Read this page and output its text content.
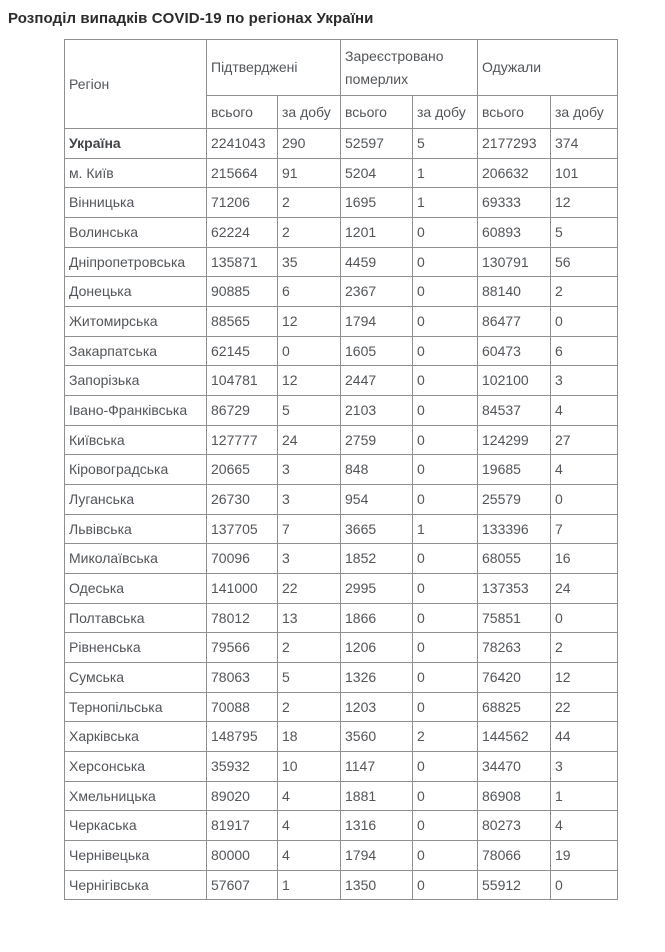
Розподіл випадків COVID-19 по регіонах України

Регіон	Підтверджені		Зареєстровано померлих		Одужали	
	всього	за добу	всього	за добу	всього	за добу
Україна	2241043	290	52597	5	2177293	374
м. Київ	215664	91	5204	1	206632	101
Вінницька	71206	2	1695	1	69333	12
Волинська	62224	2	1201	0	60893	5
Дніпропетровська	135871	35	4459	0	130791	56
Донецька	90885	6	2367	0	88140	2
Житомирська	88565	12	1794	0	86477	0
Закарпатська	62145	0	1605	0	60473	6
Запорізька	104781	12	2447	0	102100	3
Івано-Франківська	86729	5	2103	0	84537	4
Київська	127777	24	2759	0	124299	27
Кіровоградська	20665	3	848	0	19685	4
Луганська	26730	3	954	0	25579	0
Львівська	137705	7	3665	1	133396	7
Миколаївська	70096	3	1852	0	68055	16
Одеська	141000	22	2995	0	137353	24
Полтавська	78012	13	1866	0	75851	0
Рівненська	79566	2	1206	0	78263	2
Сумська	78063	5	1326	0	76420	12
Тернопільська	70088	2	1203	0	68825	22
Харківська	148795	18	3560	2	144562	44
Херсонська	35932	10	1147	0	34470	3
Хмельницька	89020	4	1881	0	86908	1
Черкаська	81917	4	1316	0	80273	4
Чернівецька	80000	4	1794	0	78066	19
Чернігівська	57607	1	1350	0	55912	0
